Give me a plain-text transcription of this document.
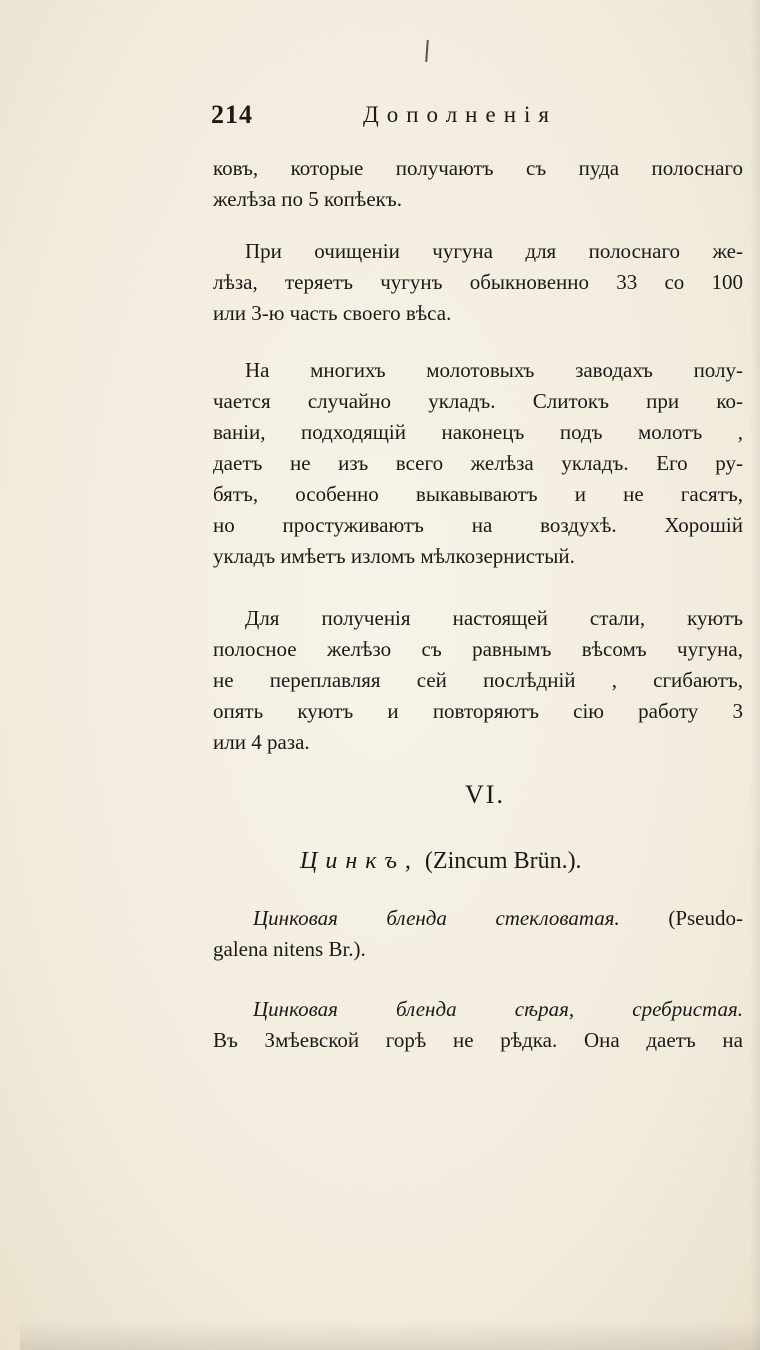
214	Дополненія
ковъ, которые получаютъ съ пуда полоснаго
желѣза по 5 копѣекъ.
При очищеніи чугуна для полоснаго же-
лѣза, теряетъ чугунъ обыкновенно 33 со 100
или 3-ю часть своего вѣса.
На многихъ молотовыхъ заводахъ полу-
чается случайно укладъ. Слитокъ при ко-
ваніи, подходящій наконецъ подъ молотъ ,
даетъ не изъ всего желѣза укладъ. Его ру-
бятъ, особенно выкавываютъ и не гасятъ,
но простуживаютъ на воздухѣ. Хорошій
укладъ имѣетъ изломъ мѣлкозернистый.
Для полученія настоящей стали, куютъ
полосное желѣзо съ равнымъ вѣсомъ чугуна,
не переплавляя сей послѣдній , сгибаютъ,
опять куютъ и повторяютъ сію работу 3
или 4 раза.
VI.
Цинкъ, (Zincum Brün.).
Цинковая бленда стекловатая. (Pseudo-
galena nitens Br.).
Цинковая бленда сѣрая, сребристая.
Въ Змѣевской горѣ не рѣдка. Она даетъ на
